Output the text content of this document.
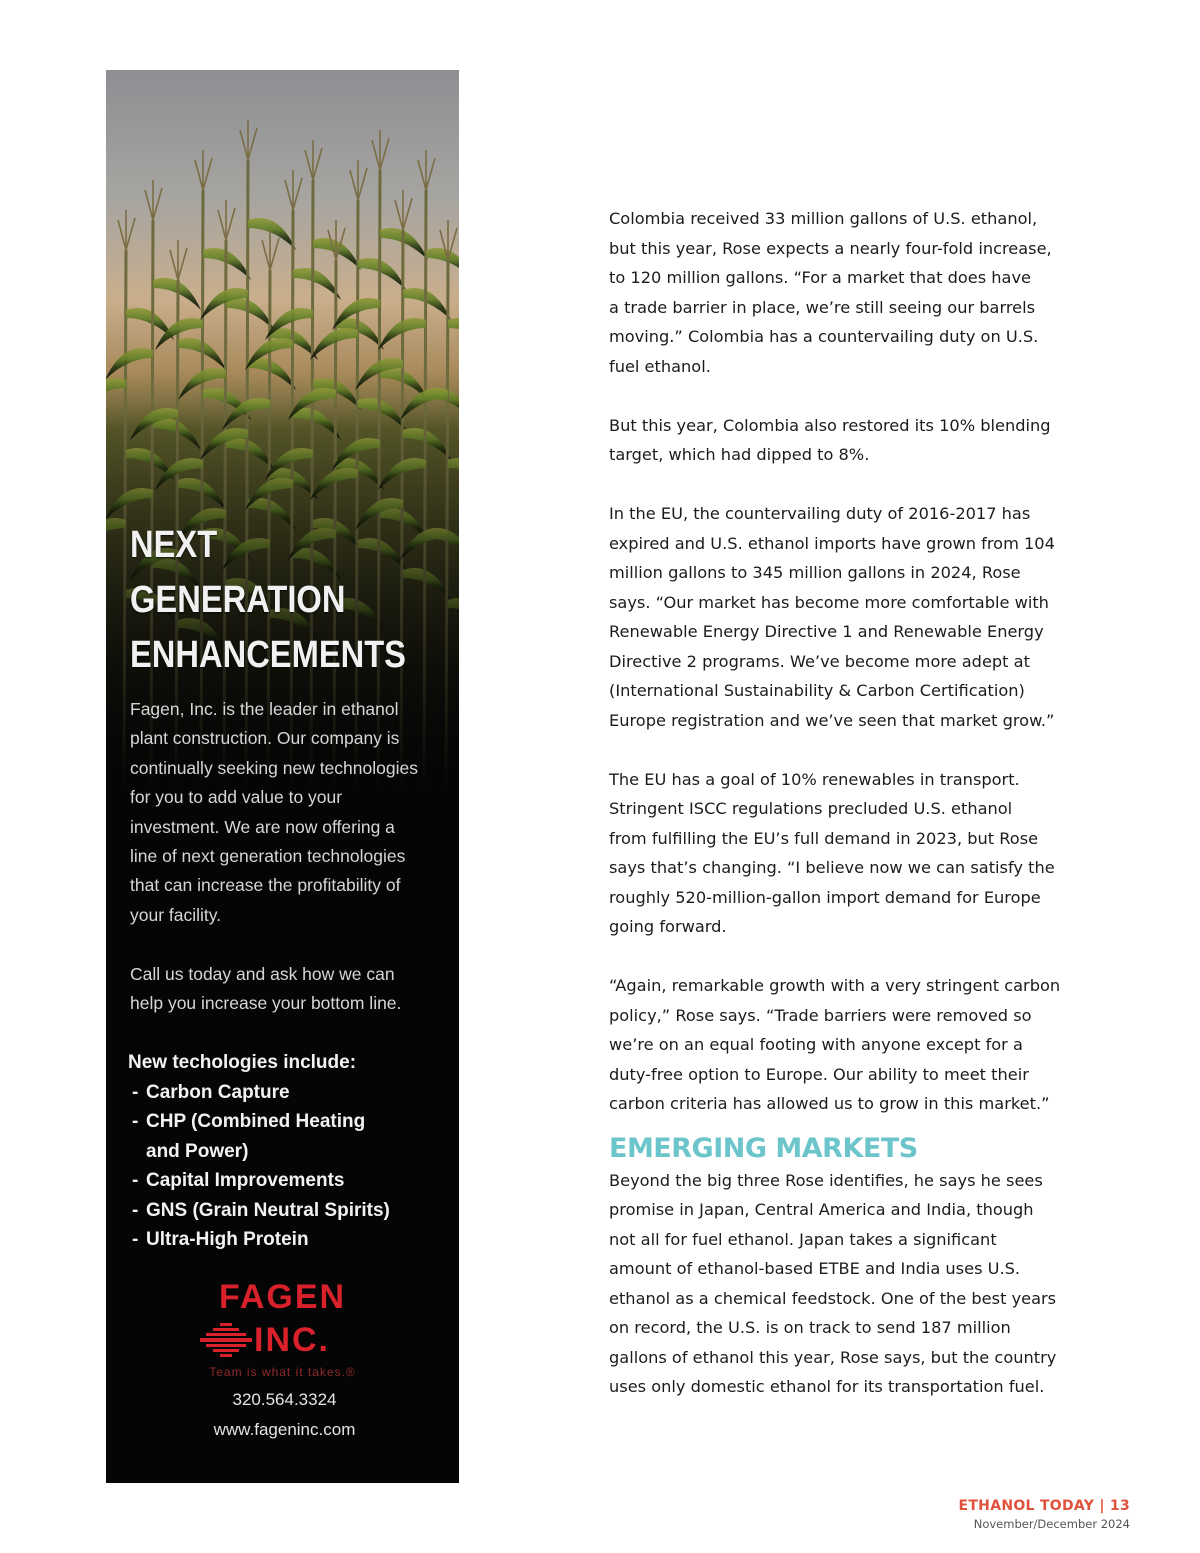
NEXT
GENERATION
ENHANCEMENTS

Fagen, Inc. is the leader in ethanol
plant construction. Our company is
continually seeking new technologies
for you to add value to your
investment. We are now offering a
line of next generation technologies
that can increase the profitability of
your facility.

Call us today and ask how we can
help you increase your bottom line.

New techologies include:

- Carbon Capture
- CHP (Combined Heating and Power)
- Capital Improvements
- GNS (Grain Neutral Spirits)
- Ultra-High Protein
FAGEN
INC.
Team is what it takes.®
320.564.3324
www.fageninc.com

Colombia received 33 million gallons of U.S. ethanol,
but this year, Rose expects a nearly four-fold increase,
to 120 million gallons. “For a market that does have
a trade barrier in place, we’re still seeing our barrels
moving.” Colombia has a countervailing duty on U.S.
fuel ethanol.

But this year, Colombia also restored its 10% blending
target, which had dipped to 8%.

In the EU, the countervailing duty of 2016-2017 has
expired and U.S. ethanol imports have grown from 104
million gallons to 345 million gallons in 2024, Rose
says. “Our market has become more comfortable with
Renewable Energy Directive 1 and Renewable Energy
Directive 2 programs. We’ve become more adept at
(International Sustainability & Carbon Certification)
Europe registration and we’ve seen that market grow.”

The EU has a goal of 10% renewables in transport.
Stringent ISCC regulations precluded U.S. ethanol
from fulfilling the EU’s full demand in 2023, but Rose
says that’s changing. “I believe now we can satisfy the
roughly 520-million-gallon import demand for Europe
going forward.

“Again, remarkable growth with a very stringent carbon
policy,” Rose says. “Trade barriers were removed so
we’re on an equal footing with anyone except for a
duty-free option to Europe. Our ability to meet their
carbon criteria has allowed us to grow in this market.”

EMERGING MARKETS

Beyond the big three Rose identifies, he says he sees
promise in Japan, Central America and India, though
not all for fuel ethanol. Japan takes a significant
amount of ethanol-based ETBE and India uses U.S.
ethanol as a chemical feedstock. One of the best years
on record, the U.S. is on track to send 187 million
gallons of ethanol this year, Rose says, but the country
uses only domestic ethanol for its transportation fuel.

ETHANOL TODAY | 13
November/December 2024
